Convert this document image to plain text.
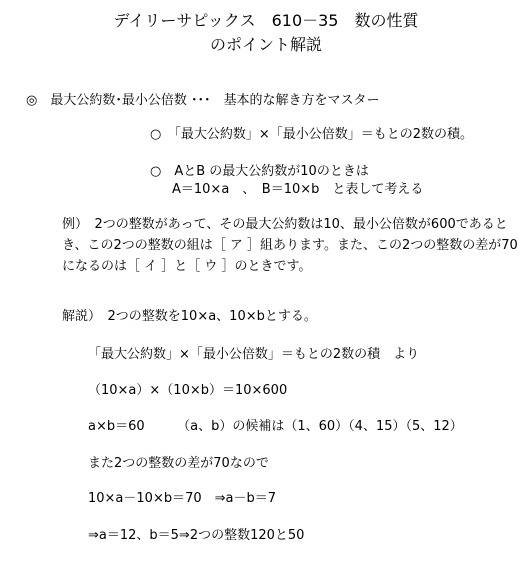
デイリーサピックス　610－35　数の性質
のポイント解説
◎　最大公約数･最小公倍数 ･･･　基本的な解き方をマスター
○　「最大公約数」×「最小公倍数」＝もとの2数の積。
○　AとB の最大公約数が10のときは
A＝10×a　、　B＝10×b　と表して考える
例）　2つの整数があって、その最大公約数は10、最小公倍数が600であると
き、この2つの整数の組は［ ア ］組あります。また、この2つの整数の差が70
になるのは［ イ ］と［ ウ ］のときです。
解説）　2つの整数を10×a、10×bとする。
「最大公約数」×「最小公倍数」＝もとの2数の積　より
（10×a）×（10×b）＝10×600
a×b＝60　　　（a、b）の候補は（1、60）（4、15）（5、12）
また2つの整数の差が70なので
10×a－10×b＝70　⇒a－b＝7
⇒a＝12、b＝5⇒2つの整数120と50
